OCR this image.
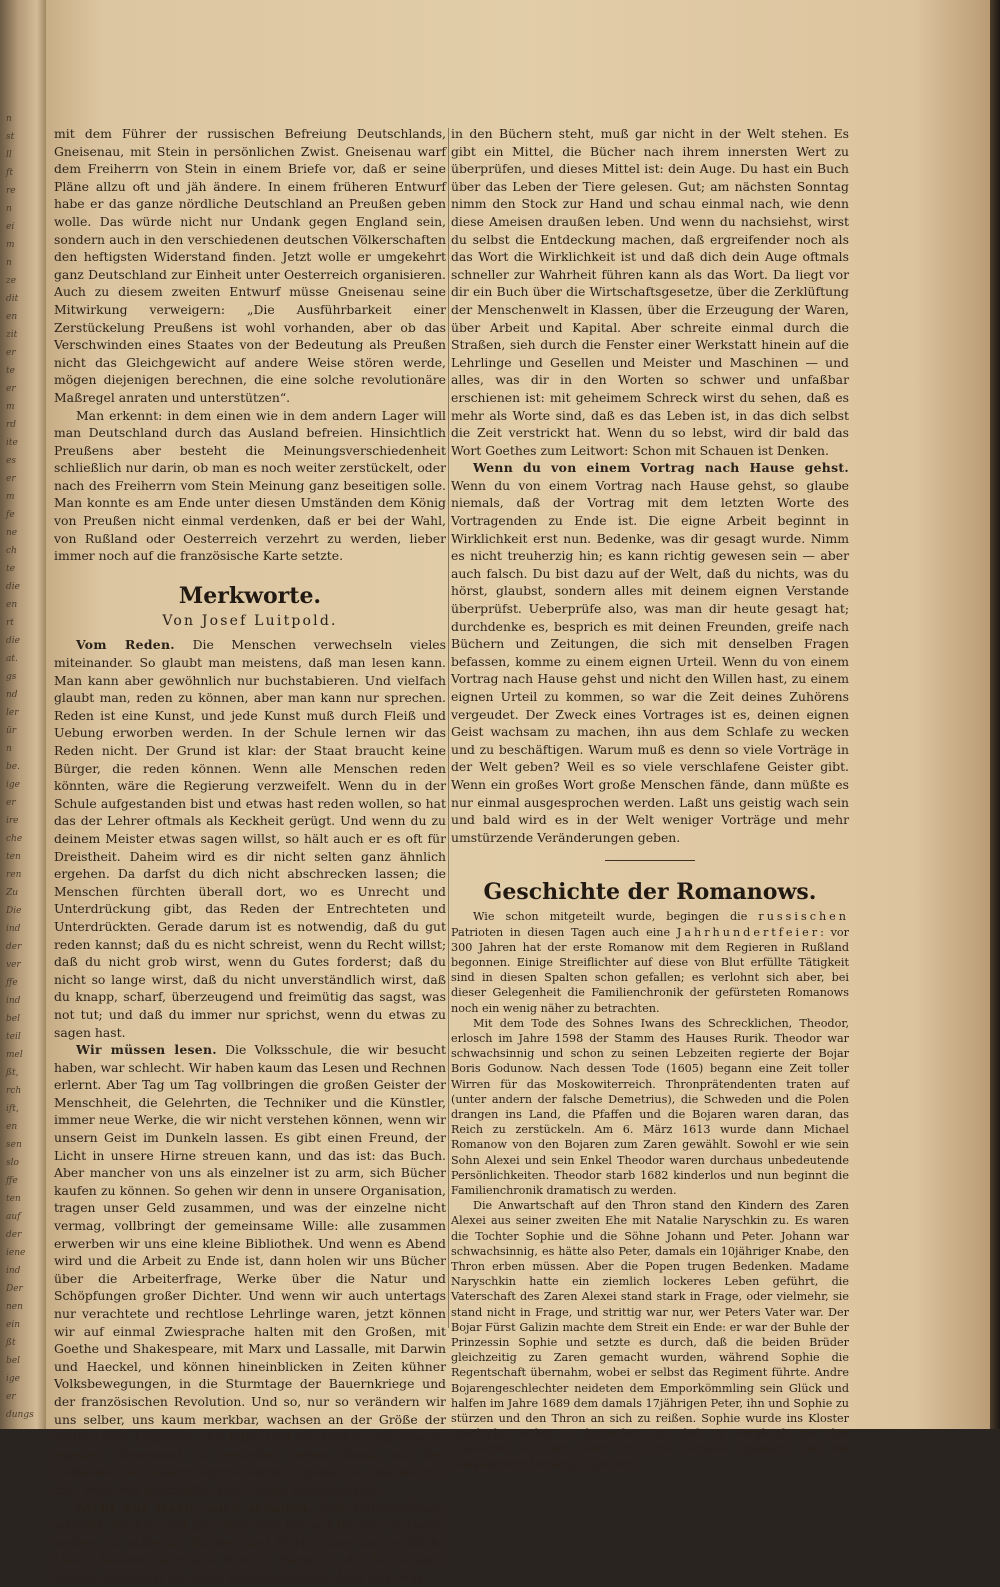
n
st
ll
ft
re
n
ei
m
n
ze
dit
en
zit
er
te
er
m
rd
ite
es
er
m
fe
ne
ch
te
die
en
rt
die
at.
gs
nd
ler
ür
n
be.
ige
er
ire
che
ten
ren
Zu
Die
ind
der
ver
ffe
ind
bel
teil
mel
ßt,
rch
ift,
en
sen
slo
ffe
ten
auf
der
iene
ind
Der
nen
ein
ßt
bel
ige
er
dungs

mit dem Führer der russischen Befreiung Deutschlands, Gneisenau, mit Stein in persönlichen Zwist. Gneisenau warf dem Freiherrn von Stein in einem Briefe vor, daß er seine Pläne allzu oft und jäh ändere. In einem früheren Entwurf habe er das ganze nördliche Deutschland an Preußen geben wolle. Das würde nicht nur Undank gegen England sein, sondern auch in den verschiedenen deutschen Völkerschaften den heftigsten Widerstand finden. Jetzt wolle er umgekehrt ganz Deutschland zur Einheit unter Oesterreich organisieren. Auch zu diesem zweiten Entwurf müsse Gneisenau seine Mitwirkung verweigern: „Die Ausführbarkeit einer Zerstückelung Preußens ist wohl vorhanden, aber ob das Verschwinden eines Staates von der Bedeutung als Preußen nicht das Gleichgewicht auf andere Weise stören werde, mögen diejenigen berechnen, die eine solche revolutionäre Maßregel anraten und unterstützen“.

Man erkennt: in dem einen wie in dem andern Lager will man Deutschland durch das Ausland befreien. Hinsichtlich Preußens aber besteht die Meinungsverschiedenheit schließlich nur darin, ob man es noch weiter zerstückelt, oder nach des Freiherrn vom Stein Meinung ganz beseitigen solle. Man konnte es am Ende unter diesen Umständen dem König von Preußen nicht einmal verdenken, daß er bei der Wahl, von Rußland oder Oesterreich verzehrt zu werden, lieber immer noch auf die französische Karte setzte.

Merkworte.
Von Josef Luitpold.

Vom Reden. Die Menschen verwechseln vieles miteinander. So glaubt man meistens, daß man lesen kann. Man kann aber gewöhnlich nur buchstabieren. Und vielfach glaubt man, reden zu können, aber man kann nur sprechen. Reden ist eine Kunst, und jede Kunst muß durch Fleiß und Uebung erworben werden. In der Schule lernen wir das Reden nicht. Der Grund ist klar: der Staat braucht keine Bürger, die reden können. Wenn alle Menschen reden könnten, wäre die Regierung verzweifelt. Wenn du in der Schule aufgestanden bist und etwas hast reden wollen, so hat das der Lehrer oftmals als Keckheit gerügt. Und wenn du zu deinem Meister etwas sagen willst, so hält auch er es oft für Dreistheit. Daheim wird es dir nicht selten ganz ähnlich ergehen. Da darfst du dich nicht abschrecken lassen; die Menschen fürchten überall dort, wo es Unrecht und Unterdrückung gibt, das Reden der Entrechteten und Unterdrückten. Gerade darum ist es notwendig, daß du gut reden kannst; daß du es nicht schreist, wenn du Recht willst; daß du nicht grob wirst, wenn du Gutes forderst; daß du nicht so lange wirst, daß du nicht unverständlich wirst, daß du knapp, scharf, überzeugend und freimütig das sagst, was not tut; und daß du immer nur sprichst, wenn du etwas zu sagen hast.

Wir müssen lesen. Die Volksschule, die wir besucht haben, war schlecht. Wir haben kaum das Lesen und Rechnen erlernt. Aber Tag um Tag vollbringen die großen Geister der Menschheit, die Gelehrten, die Techniker und die Künstler, immer neue Werke, die wir nicht verstehen können, wenn wir unsern Geist im Dunkeln lassen. Es gibt einen Freund, der Licht in unsere Hirne streuen kann, und das ist: das Buch. Aber mancher von uns als einzelner ist zu arm, sich Bücher kaufen zu können. So gehen wir denn in unsere Organisation, tragen unser Geld zusammen, und was der einzelne nicht vermag, vollbringt der gemeinsame Wille: alle zusammen erwerben wir uns eine kleine Bibliothek. Und wenn es Abend wird und die Arbeit zu Ende ist, dann holen wir uns Bücher über die Arbeiterfrage, Werke über die Natur und Schöpfungen großer Dichter. Und wenn wir auch untertags nur verachtete und rechtlose Lehrlinge waren, jetzt können wir auf einmal Zwiesprache halten mit den Großen, mit Goethe und Shakespeare, mit Marx und Lassalle, mit Darwin und Haeckel, und können hineinblicken in Zeiten kühner Volksbewegungen, in die Sturmtage der Bauernkriege und der französischen Revolution. Und so, nur so verändern wir uns selber, uns kaum merkbar, wachsen an der Größe der andern und beginnen, die Fülle und die Bedeutung unserer eigenen Gegenwart zu genießen, gehen daran, aus den Gedanken der andern eigene Taten zu gestalten, und werden das, wozu wir geschaffen sind: tätige Zeitgenossen.

Nicht nur lesen, auch schauen. Jede Uebertreibung schadet. Bücher sind gut, aber sich nur auf Bücher verlassen wollen, ist schlecht. Bücher sind Worte, aber das wirkliche Leben besteht nicht aus Worten. Wenn du die Buchstaben kennst, so kannst du vieles zusammenlesen. Aber das, was

in den Büchern steht, muß gar nicht in der Welt stehen. Es gibt ein Mittel, die Bücher nach ihrem innersten Wert zu überprüfen, und dieses Mittel ist: dein Auge. Du hast ein Buch über das Leben der Tiere gelesen. Gut; am nächsten Sonntag nimm den Stock zur Hand und schau einmal nach, wie denn diese Ameisen draußen leben. Und wenn du nachsiehst, wirst du selbst die Entdeckung machen, daß ergreifender noch als das Wort die Wirklichkeit ist und daß dich dein Auge oftmals schneller zur Wahrheit führen kann als das Wort. Da liegt vor dir ein Buch über die Wirtschaftsgesetze, über die Zerklüftung der Menschenwelt in Klassen, über die Erzeugung der Waren, über Arbeit und Kapital. Aber schreite einmal durch die Straßen, sieh durch die Fenster einer Werkstatt hinein auf die Lehrlinge und Gesellen und Meister und Maschinen — und alles, was dir in den Worten so schwer und unfaßbar erschienen ist: mit geheimem Schreck wirst du sehen, daß es mehr als Worte sind, daß es das Leben ist, in das dich selbst die Zeit verstrickt hat. Wenn du so lebst, wird dir bald das Wort Goethes zum Leitwort: Schon mit Schauen ist Denken.

Wenn du von einem Vortrag nach Hause gehst. Wenn du von einem Vortrag nach Hause gehst, so glaube niemals, daß der Vortrag mit dem letzten Worte des Vortragenden zu Ende ist. Die eigne Arbeit beginnt in Wirklichkeit erst nun. Bedenke, was dir gesagt wurde. Nimm es nicht treuherzig hin; es kann richtig gewesen sein — aber auch falsch. Du bist dazu auf der Welt, daß du nichts, was du hörst, glaubst, sondern alles mit deinem eignen Verstande überprüfst. Ueberprüfe also, was man dir heute gesagt hat; durchdenke es, besprich es mit deinen Freunden, greife nach Büchern und Zeitungen, die sich mit denselben Fragen befassen, komme zu einem eignen Urteil. Wenn du von einem Vortrag nach Hause gehst und nicht den Willen hast, zu einem eignen Urteil zu kommen, so war die Zeit deines Zuhörens vergeudet. Der Zweck eines Vortrages ist es, deinen eignen Geist wachsam zu machen, ihn aus dem Schlafe zu wecken und zu beschäftigen. Warum muß es denn so viele Vorträge in der Welt geben? Weil es so viele verschlafene Geister gibt. Wenn ein großes Wort große Menschen fände, dann müßte es nur einmal ausgesprochen werden. Laßt uns geistig wach sein und bald wird es in der Welt weniger Vorträge und mehr umstürzende Veränderungen geben.

Geschichte der Romanows.

Wie schon mitgeteilt wurde, begingen die russischen Patrioten in diesen Tagen auch eine Jahrhundertfeier: vor 300 Jahren hat der erste Romanow mit dem Regieren in Rußland begonnen. Einige Streiflichter auf diese von Blut erfüllte Tätigkeit sind in diesen Spalten schon gefallen; es verlohnt sich aber, bei dieser Gelegenheit die Familienchronik der gefürsteten Romanows noch ein wenig näher zu betrachten.

Mit dem Tode des Sohnes Iwans des Schrecklichen, Theodor, erlosch im Jahre 1598 der Stamm des Hauses Rurik. Theodor war schwachsinnig und schon zu seinen Lebzeiten regierte der Bojar Boris Godunow. Nach dessen Tode (1605) begann eine Zeit toller Wirren für das Moskowiterreich. Thronprätendenten traten auf (unter andern der falsche Demetrius), die Schweden und die Polen drangen ins Land, die Pfaffen und die Bojaren waren daran, das Reich zu zerstückeln. Am 6. März 1613 wurde dann Michael Romanow von den Bojaren zum Zaren gewählt. Sowohl er wie sein Sohn Alexei und sein Enkel Theodor waren durchaus unbedeutende Persönlichkeiten. Theodor starb 1682 kinderlos und nun beginnt die Familienchronik dramatisch zu werden.

Die Anwartschaft auf den Thron stand den Kindern des Zaren Alexei aus seiner zweiten Ehe mit Natalie Naryschkin zu. Es waren die Tochter Sophie und die Söhne Johann und Peter. Johann war schwachsinnig, es hätte also Peter, damals ein 10jähriger Knabe, den Thron erben müssen. Aber die Popen trugen Bedenken. Madame Naryschkin hatte ein ziemlich lockeres Leben geführt, die Vaterschaft des Zaren Alexei stand stark in Frage, oder vielmehr, sie stand nicht in Frage, und strittig war nur, wer Peters Vater war. Der Bojar Fürst Galizin machte dem Streit ein Ende: er war der Buhle der Prinzessin Sophie und setzte es durch, daß die beiden Brüder gleichzeitig zu Zaren gemacht wurden, während Sophie die Regentschaft übernahm, wobei er selbst das Regiment führte. Andre Bojarengeschlechter neideten dem Emporkömmling sein Glück und halfen im Jahre 1689 dem damals 17jährigen Peter, ihn und Sophie zu stürzen und den Thron an sich zu reißen. Sophie wurde ins Kloster geschickt, wobei zu bemerken ist, daß im Vergleich mit den russischen Klöstern jener Zeit die Verliese Spaniens und die Bleikammern Venedigs idyllische
